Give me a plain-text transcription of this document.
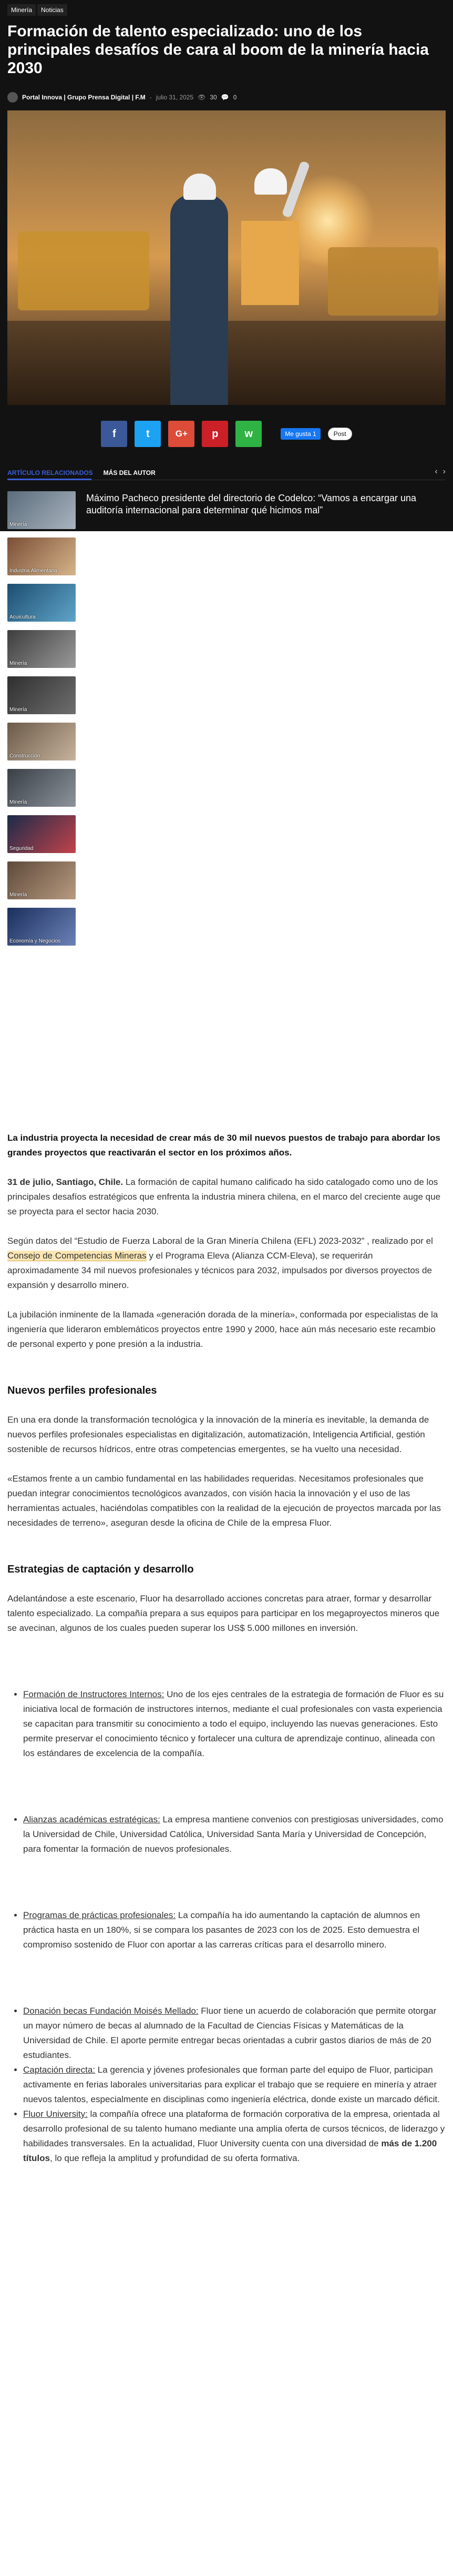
Minería	Noticias
Formación de talento especializado: uno de los principales desafíos de cara al boom de la minería hacia 2030
Portal Innova | Grupo Prensa Digital | F.M - julio 31, 2025 👁 30 💬 0
f	t	G+	p	w	Me gusta 1	Post
ARTÍCULO RELACIONADOS MÁS DEL AUTOR	‹ ›
Minería
Máximo Pacheco presidente del directorio de Codelco: “Vamos a encargar una auditoría internacional para determinar qué hicimos mal”
Industria Alimentaria
Innova Food Trade trae soluciones de packaging sustentables e innovadoras a Espacio Food Service 2025
Acuicultura
Innaqua Chile 2025 reunirá a líderes de la innovación acuícola de Europa y Latinoamérica
Minería
Codelco confirma hallazgo de cuatro de los mineros atrapados y mantiene operaciones de rescate en El Teniente
Minería
Comunicado Codelco
Construcción
Calendario de fechas para postular a subsidios en el 2° semestre
Minería
Codelco suma a Laurence Golborne al Consejo Internacional de apoyo a las labores de rescate en El Teniente
Seguridad
A33 ya está en Hong Kong: Seguridad contra incendios con entrega global
Minería
Laurence Golborne se suma al Consejo Internacional de apoyo a las labores de rescate en El Teniente
Economía y Negocios
La UF es un termómetro

La industria proyecta la necesidad de crear más de 30 mil nuevos puestos de trabajo para abordar los grandes proyectos que reactivarán el sector en los próximos años.

31 de julio, Santiago, Chile. La formación de capital humano calificado ha sido catalogado como uno de los principales desafíos estratégicos que enfrenta la industria minera chilena, en el marco del creciente auge que se proyecta para el sector hacia 2030.

Según datos del “Estudio de Fuerza Laboral de la Gran Minería Chilena (EFL) 2023-2032” , realizado por el Consejo de Competencias Mineras y el Programa Eleva (Alianza CCM-Eleva), se requerirán aproximadamente 34 mil nuevos profesionales y técnicos para 2032, impulsados por diversos proyectos de expansión y desarrollo minero.

La jubilación inminente de la llamada «generación dorada de la minería», conformada por especialistas de la ingeniería que lideraron emblemáticos proyectos entre 1990 y 2000, hace aún más necesario este recambio de personal experto y pone presión a la industria.

Nuevos perfiles profesionales

En una era donde la transformación tecnológica y la innovación de la minería es inevitable, la demanda de nuevos perfiles profesionales especialistas en digitalización, automatización, Inteligencia Artificial, gestión sostenible de recursos hídricos, entre otras competencias emergentes, se ha vuelto una necesidad.

«Estamos frente a un cambio fundamental en las habilidades requeridas. Necesitamos profesionales que puedan integrar conocimientos tecnológicos avanzados, con visión hacia la innovación y el uso de las herramientas actuales, haciéndolas compatibles con la realidad de la ejecución de proyectos marcada por las necesidades de terreno», aseguran desde la oficina de Chile de la empresa Fluor.

Estrategias de captación y desarrollo

Adelantándose a este escenario, Fluor ha desarrollado acciones concretas para atraer, formar y desarrollar talento especializado. La compañía prepara a sus equipos para participar en los megaproyectos mineros que se avecinan, algunos de los cuales pueden superar los US$ 5.000 millones en inversión.

• Formación de Instructores Internos: Uno de los ejes centrales de la estrategia de formación de Fluor es su iniciativa local de formación de instructores internos, mediante el cual profesionales con vasta experiencia se capacitan para transmitir su conocimiento a todo el equipo, incluyendo las nuevas generaciones. Esto permite preservar el conocimiento técnico y fortalecer una cultura de aprendizaje continuo, alineada con los estándares de excelencia de la compañía.
• Alianzas académicas estratégicas: La empresa mantiene convenios con prestigiosas universidades, como la Universidad de Chile, Universidad Católica, Universidad Santa María y Universidad de Concepción, para fomentar la formación de nuevos profesionales.
• Programas de prácticas profesionales: La compañía ha ido aumentando la captación de alumnos en práctica hasta en un 180%, si se compara los pasantes de 2023 con los de 2025. Esto demuestra el compromiso sostenido de Fluor con aportar a las carreras críticas para el desarrollo minero.
• Donación becas Fundación Moisés Mellado: Fluor tiene un acuerdo de colaboración que permite otorgar un mayor número de becas al alumnado de la Facultad de Ciencias Físicas y Matemáticas de la Universidad de Chile. El aporte permite entregar becas orientadas a cubrir gastos diarios de más de 20 estudiantes.
• Captación directa: La gerencia y jóvenes profesionales que forman parte del equipo de Fluor, participan activamente en ferias laborales universitarias para explicar el trabajo que se requiere en minería y atraer nuevos talentos, especialmente en disciplinas como ingeniería eléctrica, donde existe un marcado déficit.
• Fluor University: la compañía ofrece una plataforma de formación corporativa de la empresa, orientada al desarrollo profesional de su talento humano mediante una amplia oferta de cursos técnicos, de liderazgo y habilidades transversales. En la actualidad, Fluor University cuenta con una diversidad de más de 1.200 títulos, lo que refleja la amplitud y profundidad de su oferta formativa.
